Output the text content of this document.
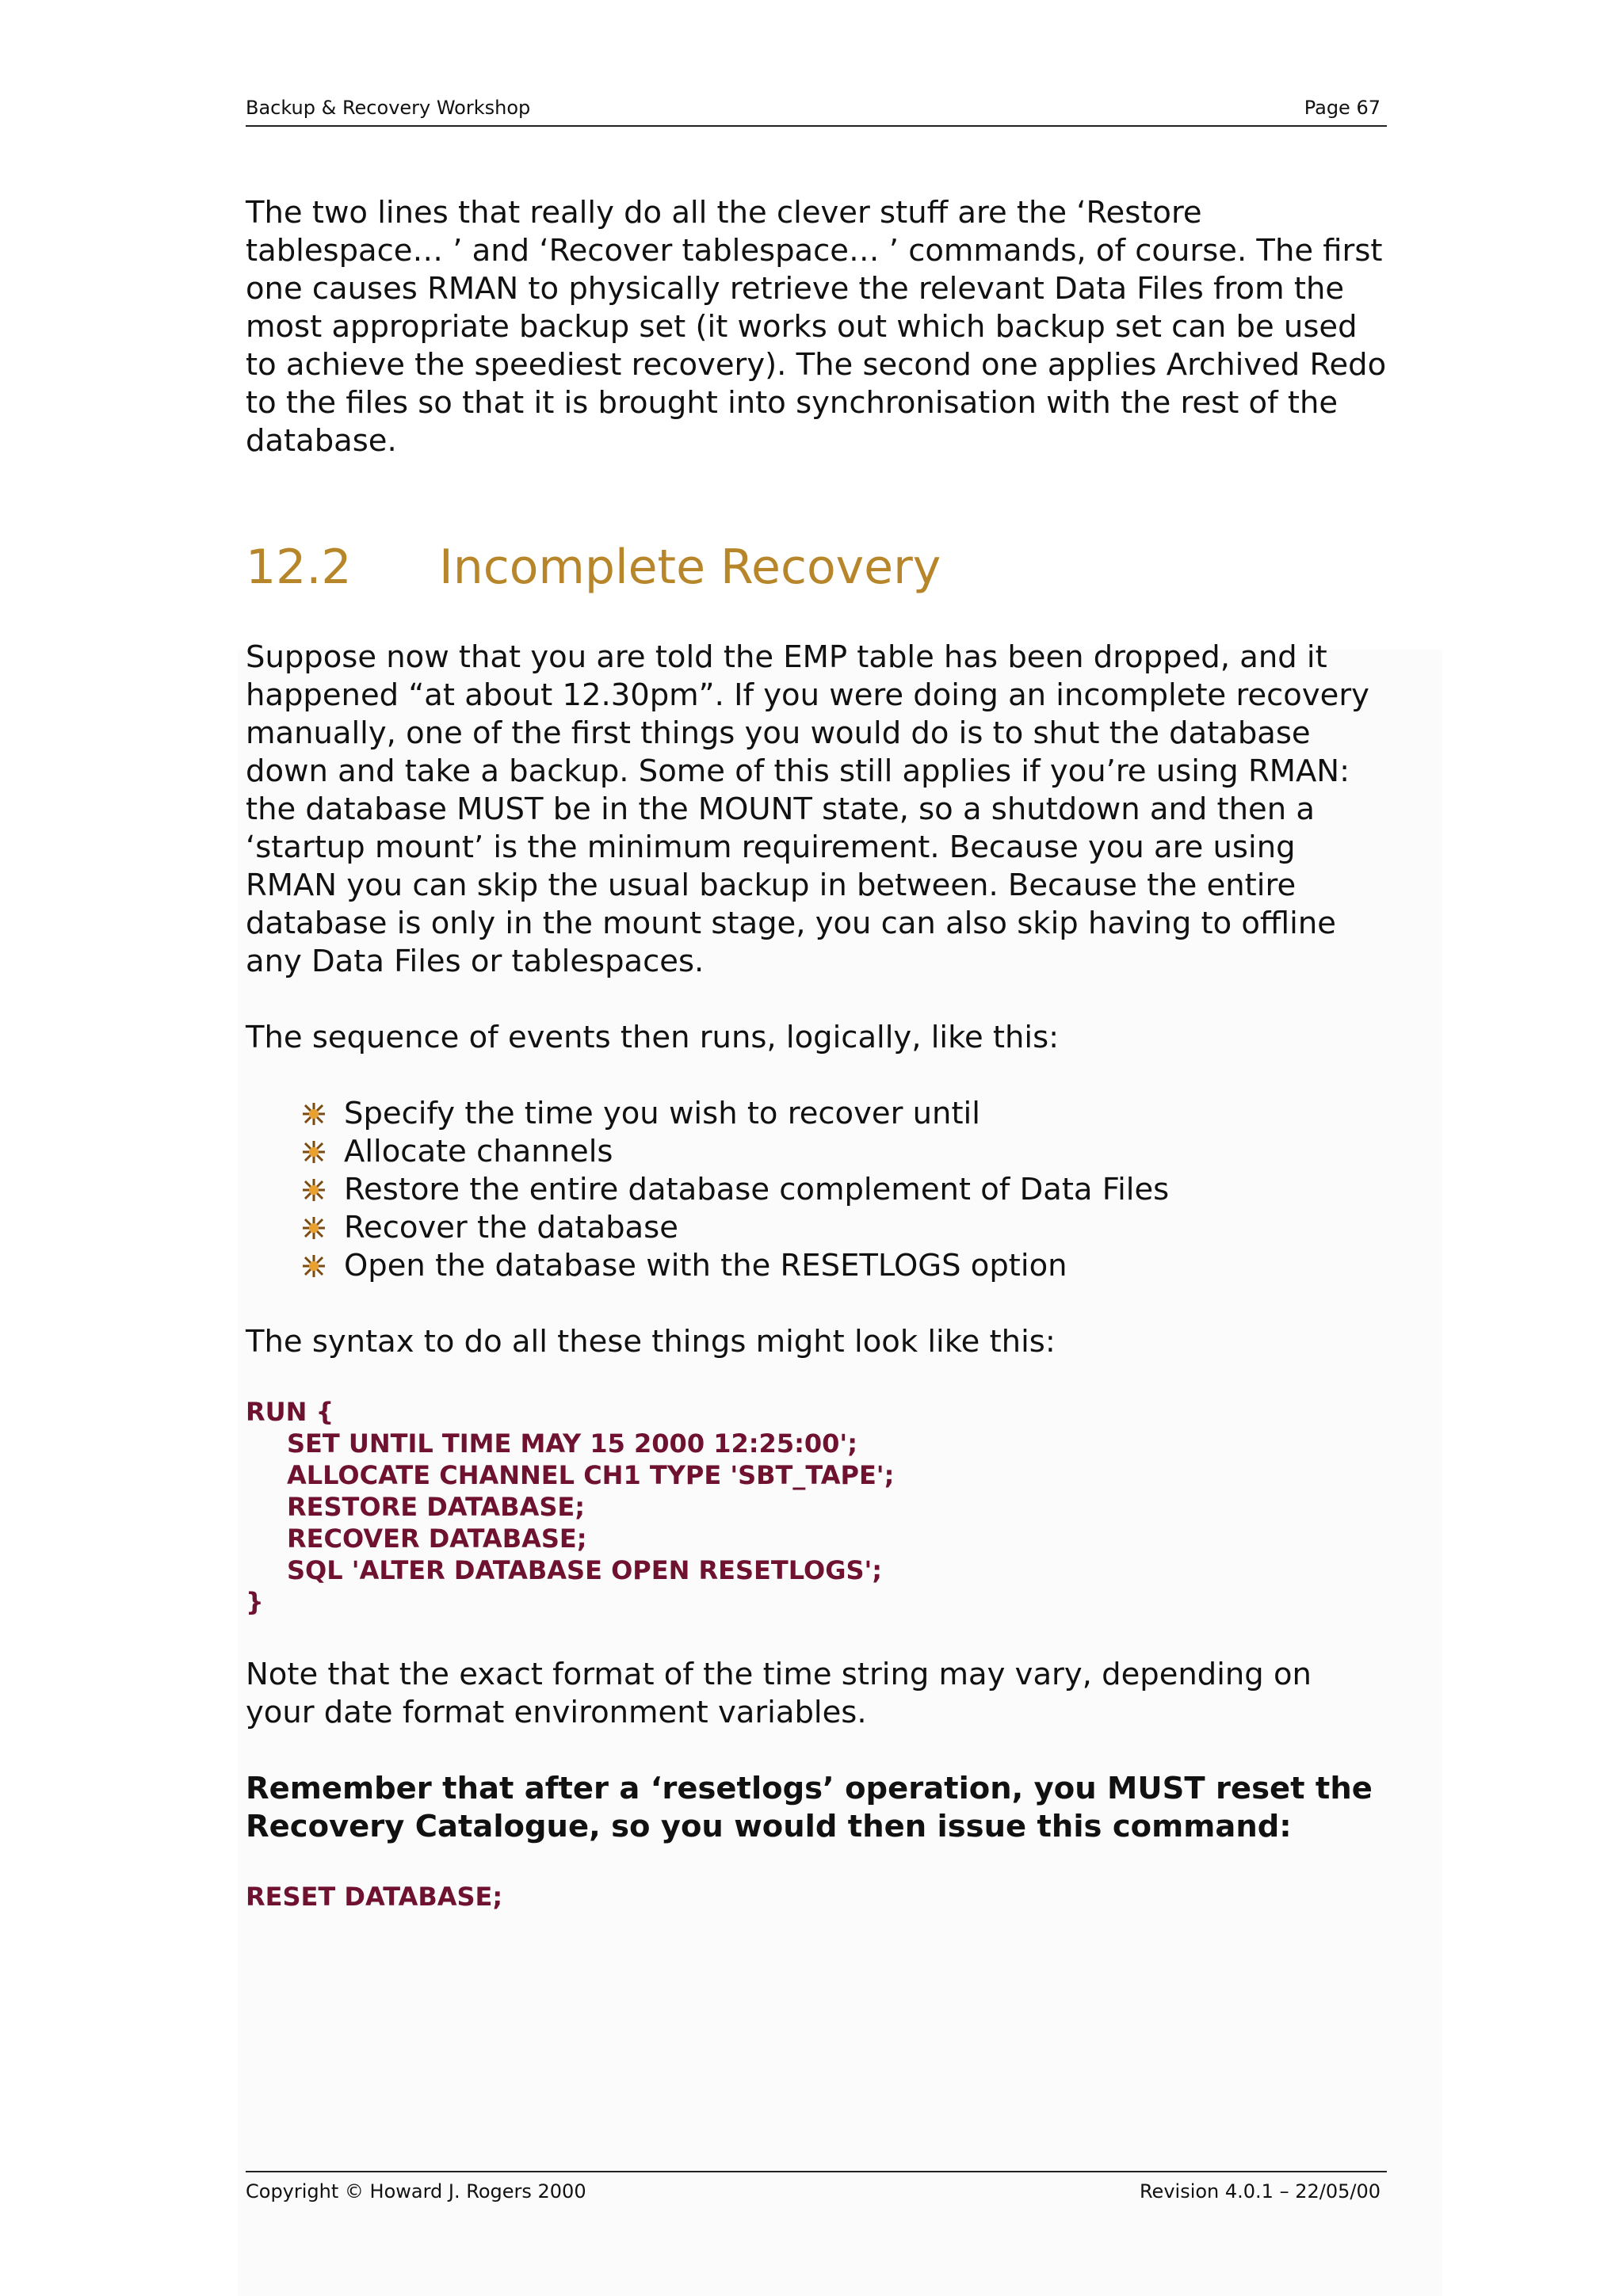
Backup & Recovery Workshop	Page 67

The two lines that really do all the clever stuff are the ‘Restore tablespace… ’ and ‘Recover tablespace… ’ commands, of course. The first one causes RMAN to physically retrieve the relevant Data Files from the most appropriate backup set (it works out which backup set can be used to achieve the speediest recovery). The second one applies Archived Redo to the files so that it is brought into synchronisation with the rest of the database.

12.2 Incomplete Recovery

Suppose now that you are told the EMP table has been dropped, and it happened “at about 12.30pm”. If you were doing an incomplete recovery manually, one of the first things you would do is to shut the database down and take a backup. Some of this still applies if you’re using RMAN: the database MUST be in the MOUNT state, so a shutdown and then a ‘startup mount’ is the minimum requirement. Because you are using RMAN you can skip the usual backup in between. Because the entire database is only in the mount stage, you can also skip having to offline any Data Files or tablespaces.

The sequence of events then runs, logically, like this:

Specify the time you wish to recover until
Allocate channels
Restore the entire database complement of Data Files
Recover the database
Open the database with the RESETLOGS option

The syntax to do all these things might look like this:

RUN {

SET UNTIL TIME MAY 15 2000 12:25:00';

ALLOCATE CHANNEL CH1 TYPE 'SBT_TAPE';

RESTORE DATABASE;

RECOVER DATABASE;

SQL 'ALTER DATABASE OPEN RESETLOGS';

}

Note that the exact format of the time string may vary, depending on your date format environment variables.

Remember that after a ‘resetlogs’ operation, you MUST reset the Recovery Catalogue, so you would then issue this command:

RESET DATABASE;

Copyright © Howard J. Rogers 2000	Revision 4.0.1 – 22/05/00
